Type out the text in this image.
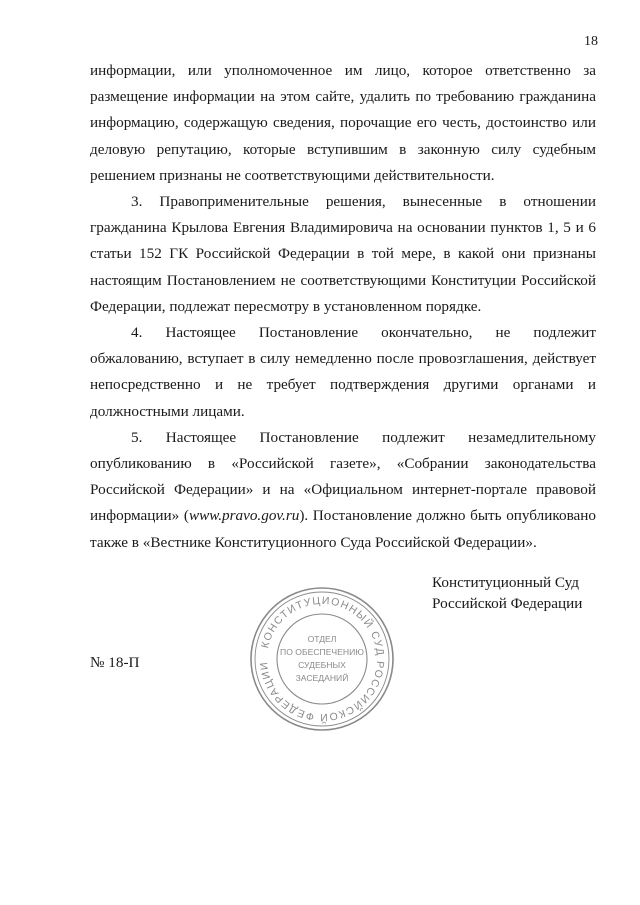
18

информации, или уполномоченное им лицо, которое ответственно за размещение информации на этом сайте, удалить по требованию гражданина информацию, содержащую сведения, порочащие его честь, достоинство или деловую репутацию, которые вступившим в законную силу судебным решением признаны не соответствующими действительности.

3. Правоприменительные решения, вынесенные в отношении гражданина Крылова Евгения Владимировича на основании пунктов 1, 5 и 6 статьи 152 ГК Российской Федерации в той мере, в какой они признаны настоящим Постановлением не соответствующими Конституции Российской Федерации, подлежат пересмотру в установленном порядке.

4. Настоящее Постановление окончательно, не подлежит обжалованию, вступает в силу немедленно после провозглашения, действует непосредственно и не требует подтверждения другими органами и должностными лицами.

5. Настоящее Постановление подлежит незамедлительному опубликованию в «Российской газете», «Собрании законодательства Российской Федерации» и на «Официальном интернет-портале правовой информации» (www.pravo.gov.ru). Постановление должно быть опубликовано также в «Вестнике Конституционного Суда Российской Федерации».

Конституционный Суд
Российской Федерации
№ 18-П
КОНСТИТУЦИОННЫЙ СУД РОССИЙСКОЙ ФЕДЕРАЦИИ
ОТДЕЛ
ПО ОБЕСПЕЧЕНИЮ
СУДЕБНЫХ
ЗАСЕДАНИЙ
